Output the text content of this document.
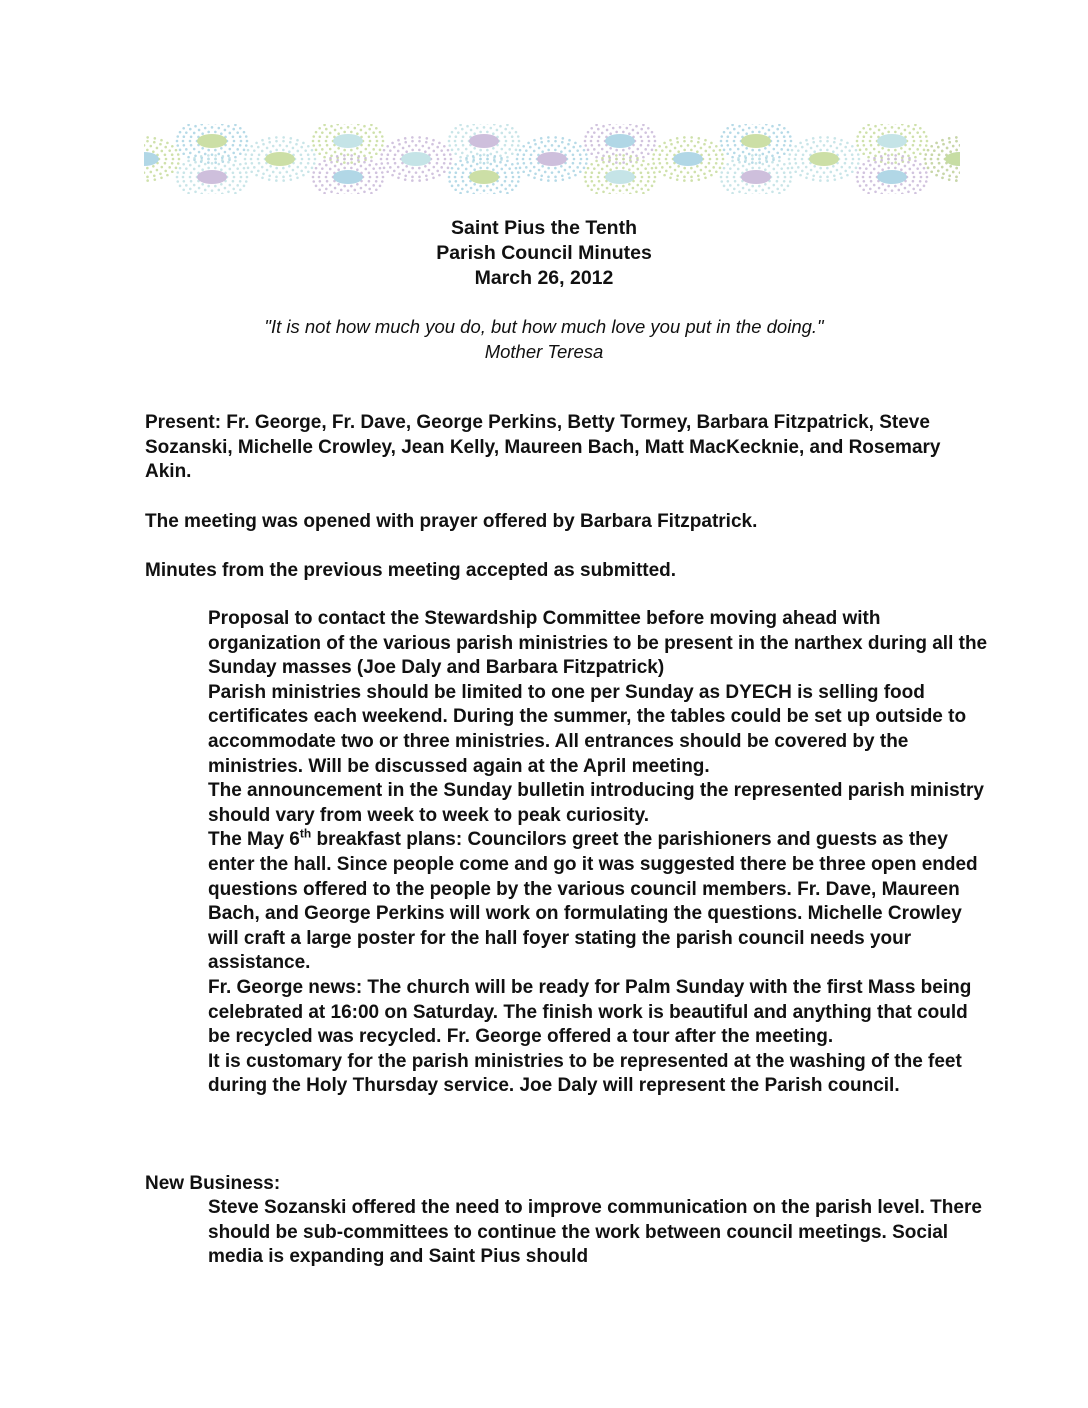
Saint Pius the Tenth
Parish Council Minutes
March 26, 2012
"It is not how much you do, but how much love you put in the doing."
Mother Teresa

Present: Fr. George, Fr. Dave, George Perkins, Betty Tormey, Barbara Fitzpatrick, Steve Sozanski, Michelle Crowley, Jean Kelly, Maureen Bach, Matt MacKecknie, and Rosemary Akin.

The meeting was opened with prayer offered by Barbara Fitzpatrick.

Minutes from the previous meeting accepted as submitted.

Proposal to contact the Stewardship Committee before moving ahead with organization of the various parish ministries to be present in the narthex during all the Sunday masses (Joe Daly and Barbara Fitzpatrick)

Parish ministries should be limited to one per Sunday as DYECH is selling food certificates each weekend. During the summer, the tables could be set up outside to accommodate two or three ministries. All entrances should be covered by the ministries. Will be discussed again at the April meeting.

The announcement in the Sunday bulletin introducing the represented parish ministry should vary from week to week to peak curiosity.

The May 6th breakfast plans: Councilors greet the parishioners and guests as they enter the hall. Since people come and go it was suggested there be three open ended questions offered to the people by the various council members. Fr. Dave, Maureen Bach, and George Perkins will work on formulating the questions. Michelle Crowley will craft a large poster for the hall foyer stating the parish council needs your assistance.

Fr. George news: The church will be ready for Palm Sunday with the first Mass being celebrated at 16:00 on Saturday. The finish work is beautiful and anything that could be recycled was recycled. Fr. George offered a tour after the meeting.

It is customary for the parish ministries to be represented at the washing of the feet during the Holy Thursday service. Joe Daly will represent the Parish council.

New Business:

Steve Sozanski offered the need to improve communication on the parish level. There should be sub-committees to continue the work between council meetings. Social media is expanding and Saint Pius should
